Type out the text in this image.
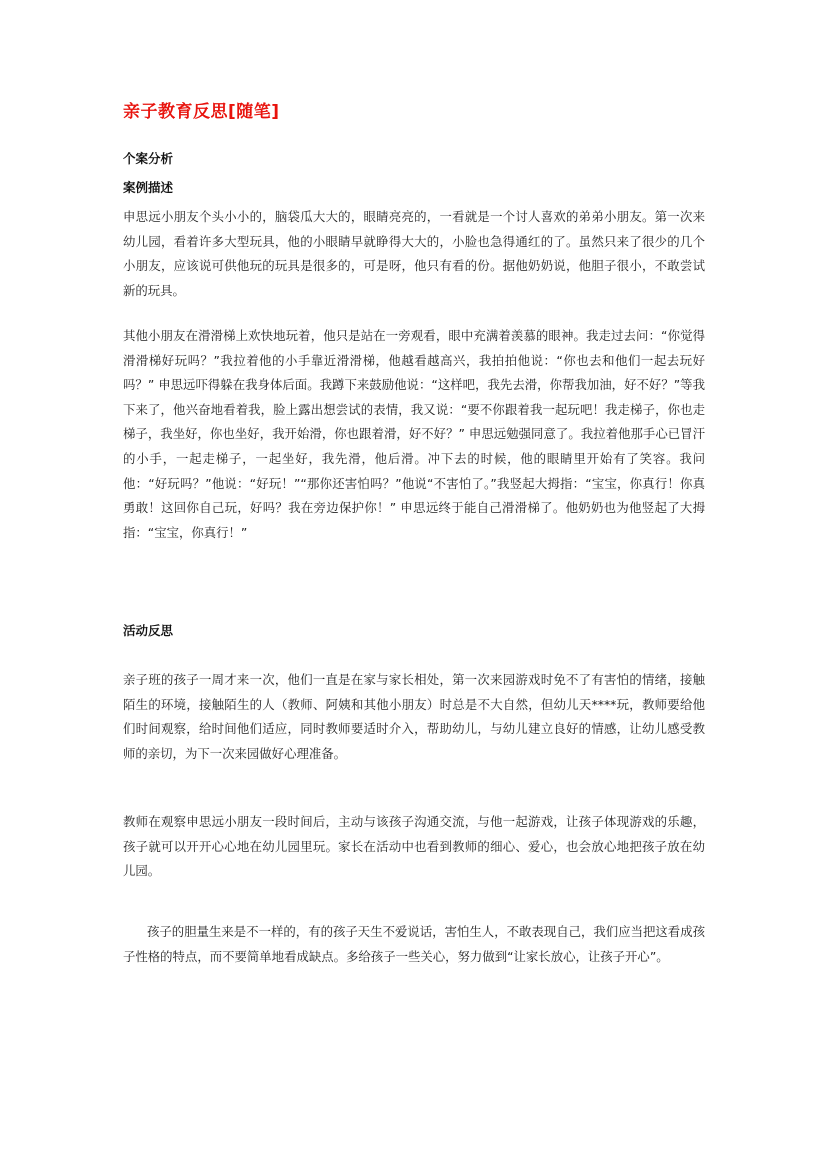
亲子教育反思[随笔]
个案分析
案例描述
申思远小朋友个头小小的，脑袋瓜大大的，眼睛亮亮的，一看就是一个讨人喜欢的弟弟小朋友。第一次来幼儿园，看着许多大型玩具，他的小眼睛早就睁得大大的，小脸也急得通红的了。虽然只来了很少的几个小朋友，应该说可供他玩的玩具是很多的，可是呀，他只有看的份。据他奶奶说，他胆子很小，不敢尝试新的玩具。
其他小朋友在滑滑梯上欢快地玩着，他只是站在一旁观看，眼中充满着羡慕的眼神。我走过去问：“你觉得滑滑梯好玩吗？”我拉着他的小手靠近滑滑梯，他越看越高兴，我拍拍他说：“你也去和他们一起去玩好吗？” 申思远吓得躲在我身体后面。我蹲下来鼓励他说：“这样吧，我先去滑，你帮我加油，好不好？”等我下来了，他兴奋地看着我，脸上露出想尝试的表情，我又说：“要不你跟着我一起玩吧！我走梯子，你也走梯子，我坐好，你也坐好，我开始滑，你也跟着滑，好不好？” 申思远勉强同意了。我拉着他那手心已冒汗的小手，一起走梯子，一起坐好，我先滑，他后滑。冲下去的时候，他的眼睛里开始有了笑容。我问他：“好玩吗？”他说：“好玩！”“那你还害怕吗？”他说“不害怕了。”我竖起大拇指：“宝宝，你真行！你真勇敢！这回你自己玩，好吗？我在旁边保护你！” 申思远终于能自己滑滑梯了。他奶奶也为他竖起了大拇指：“宝宝，你真行！”
活动反思
亲子班的孩子一周才来一次，他们一直是在家与家长相处，第一次来园游戏时免不了有害怕的情绪，接触陌生的环境，接触陌生的人（教师、阿姨和其他小朋友）时总是不大自然，但幼儿天****玩，教师要给他们时间观察，给时间他们适应，同时教师要适时介入，帮助幼儿，与幼儿建立良好的情感，让幼儿感受教师的亲切，为下一次来园做好心理准备。
教师在观察申思远小朋友一段时间后，主动与该孩子沟通交流，与他一起游戏，让孩子体现游戏的乐趣，孩子就可以开开心心地在幼儿园里玩。家长在活动中也看到教师的细心、爱心，也会放心地把孩子放在幼儿园。
孩子的胆量生来是不一样的，有的孩子天生不爱说话，害怕生人，不敢表现自己，我们应当把这看成孩子性格的特点，而不要简单地看成缺点。多给孩子一些关心，努力做到“让家长放心，让孩子开心”。
